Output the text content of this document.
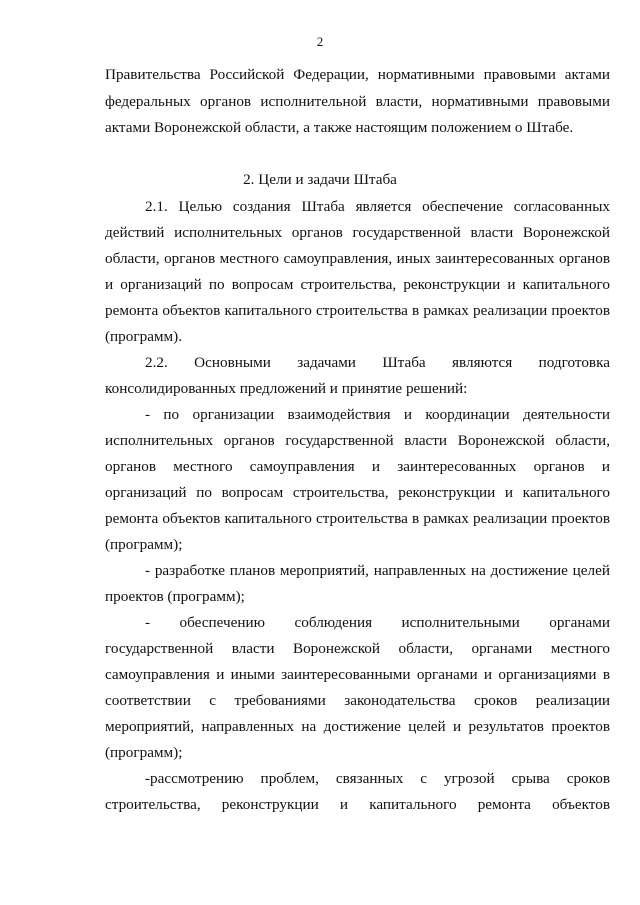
2
Правительства Российской Федерации, нормативными правовыми актами
федеральных органов исполнительной власти, нормативными правовыми
актами Воронежской области, а также настоящим положением о Штабе.
2. Цели и задачи Штаба
2.1. Целью создания Штаба является обеспечение согласованных
действий исполнительных органов государственной власти Воронежской
области, органов местного самоуправления, иных заинтересованных органов
и организаций по вопросам строительства, реконструкции и капитального
ремонта объектов капитального строительства в рамках реализации проектов
(программ).
2.2. Основными задачами Штаба являются подготовка
консолидированных предложений и принятие решений:
- по организации взаимодействия и координации деятельности
исполнительных органов государственной власти Воронежской области,
органов местного самоуправления и заинтересованных органов и
организаций по вопросам строительства, реконструкции и капитального
ремонта объектов капитального строительства в рамках реализации проектов
(программ);
- разработке планов мероприятий, направленных на достижение целей
проектов (программ);
- обеспечению соблюдения исполнительными органами
государственной власти Воронежской области, органами местного
самоуправления и иными заинтересованными органами и организациями в
соответствии с требованиями законодательства сроков реализации
мероприятий, направленных на достижение целей и результатов проектов
(программ);
-рассмотрению проблем, связанных с угрозой срыва сроков
строительства, реконструкции и капитального ремонта объектов
